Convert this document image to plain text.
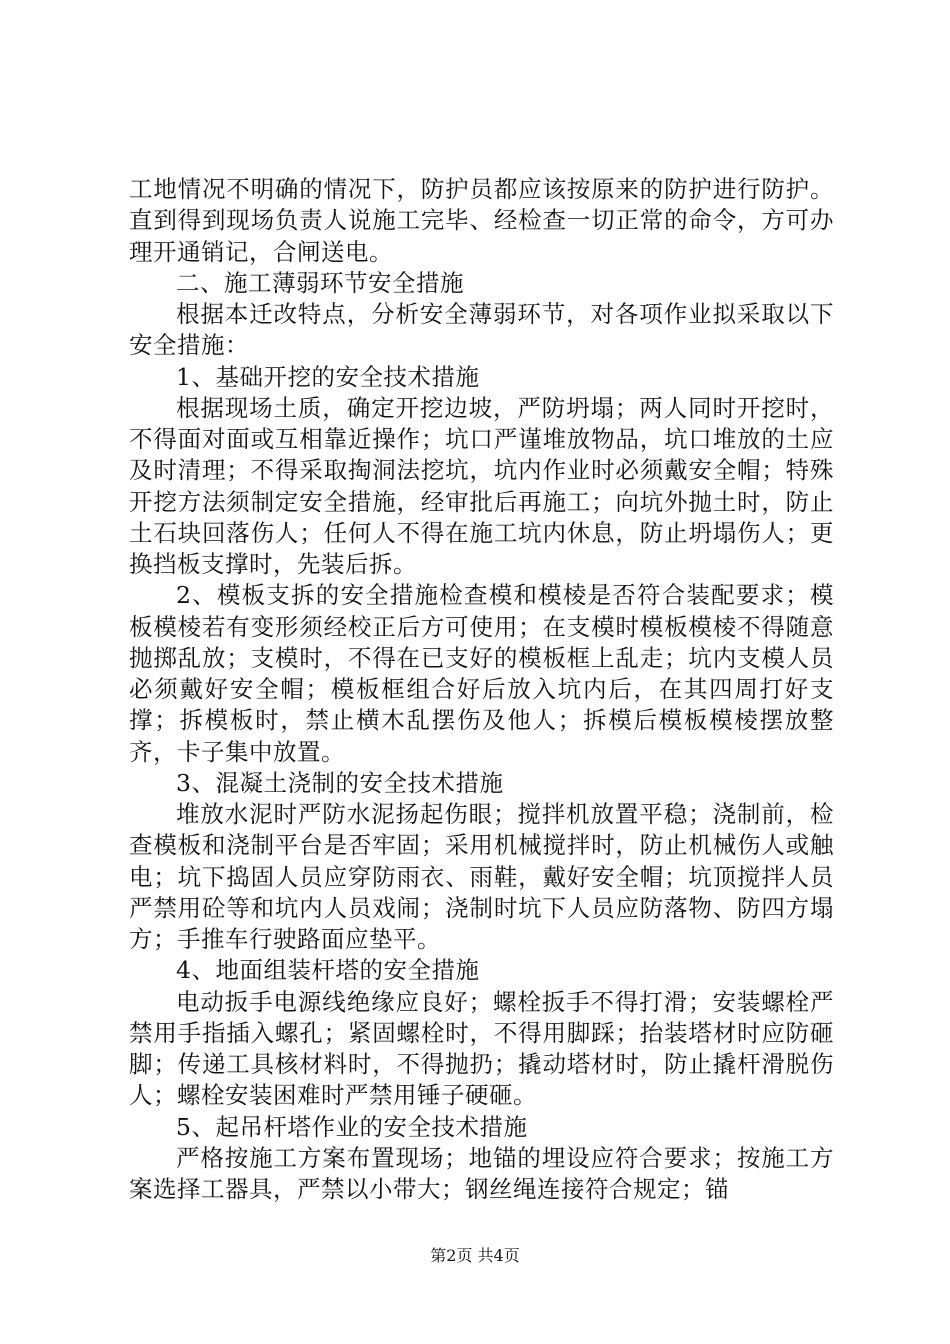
工地情况不明确的情况下，防护员都应该按原来的防护进行防护。直到得到现场负责人说施工完毕、经检查一切正常的命令，方可办理开通销记，合闸送电。

二、施工薄弱环节安全措施

根据本迁改特点，分析安全薄弱环节，对各项作业拟采取以下安全措施：

1、基础开挖的安全技术措施

根据现场土质，确定开挖边坡，严防坍塌；两人同时开挖时，不得面对面或互相靠近操作；坑口严谨堆放物品，坑口堆放的土应及时清理；不得采取掏洞法挖坑，坑内作业时必须戴安全帽；特殊开挖方法须制定安全措施，经审批后再施工；向坑外抛土时，防止土石块回落伤人；任何人不得在施工坑内休息，防止坍塌伤人；更换挡板支撑时，先装后拆。

2、模板支拆的安全措施检查模和模棱是否符合装配要求；模板模棱若有变形须经校正后方可使用；在支模时模板模棱不得随意抛掷乱放；支模时，不得在已支好的模板框上乱走；坑内支模人员必须戴好安全帽；模板框组合好后放入坑内后，在其四周打好支撑；拆模板时，禁止横木乱摆伤及他人；拆模后模板模棱摆放整齐，卡子集中放置。

3、混凝土浇制的安全技术措施

堆放水泥时严防水泥扬起伤眼；搅拌机放置平稳；浇制前，检查模板和浇制平台是否牢固；采用机械搅拌时，防止机械伤人或触电；坑下捣固人员应穿防雨衣、雨鞋，戴好安全帽；坑顶搅拌人员严禁用砼等和坑内人员戏闹；浇制时坑下人员应防落物、防四方塌方；手推车行驶路面应垫平。

4、地面组装杆塔的安全措施

电动扳手电源线绝缘应良好；螺栓扳手不得打滑；安装螺栓严禁用手指插入螺孔；紧固螺栓时，不得用脚踩；抬装塔材时应防砸脚；传递工具核材料时，不得抛扔；撬动塔材时，防止撬杆滑脱伤人；螺栓安装困难时严禁用锤子硬砸。

5、起吊杆塔作业的安全技术措施

严格按施工方案布置现场；地锚的埋设应符合要求；按施工方案选择工器具，严禁以小带大；钢丝绳连接符合规定；锚

第2页 共4页
